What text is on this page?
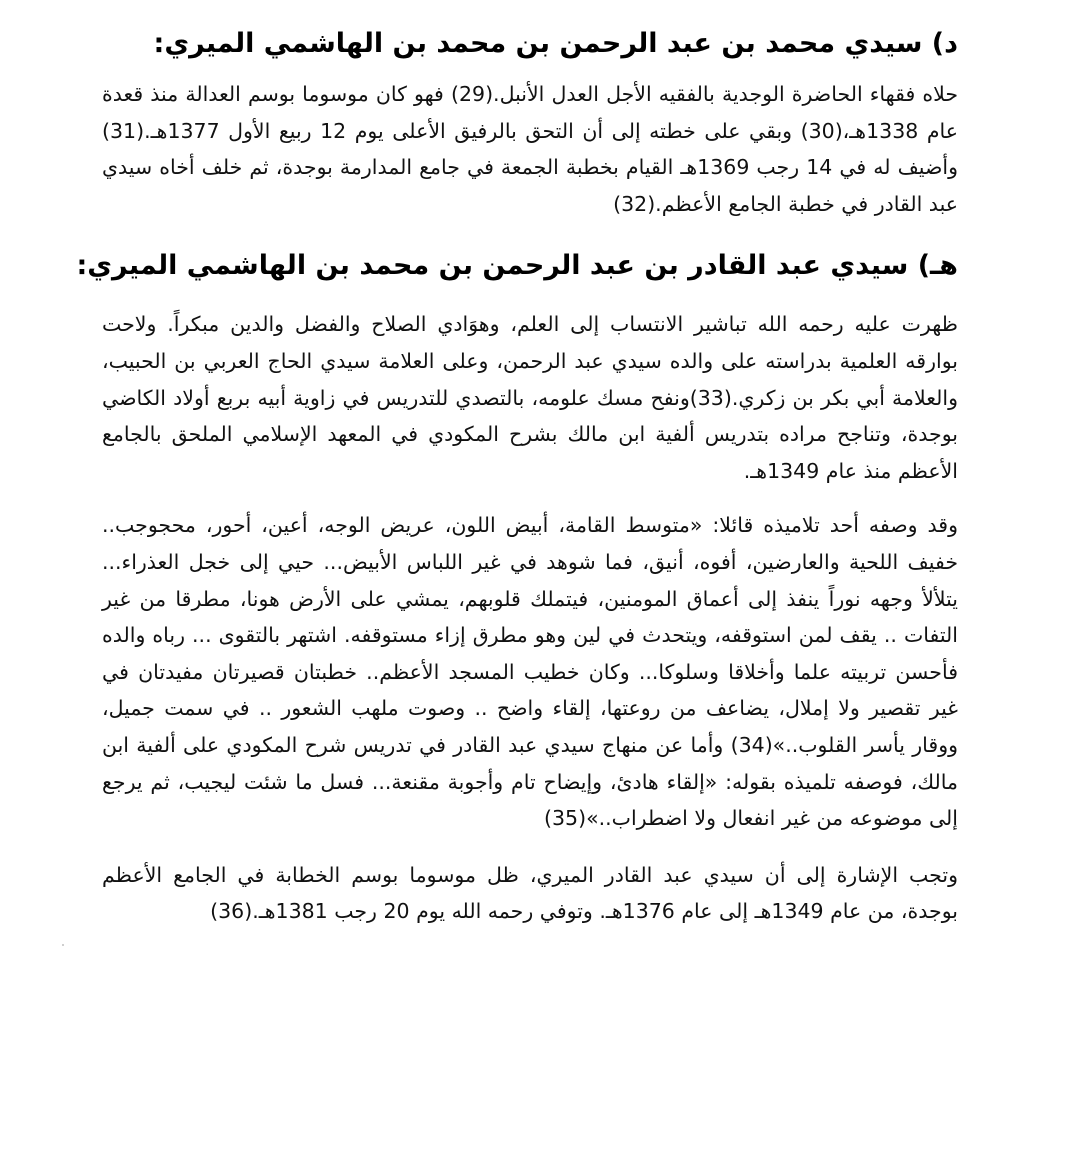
د) سيدي محمد بن عبد الرحمن بن محمد بن الهاشمي الميري:

حلاه فقهاء الحاضرة الوجدية بالفقيه الأجل العدل الأنبل.(29) فهو كان موسوما بوسم العدالة منذ قعدة عام 1338هـ،(30) وبقي على خطته إلى أن التحق بالرفيق الأعلى يوم 12 ربيع الأول 1377هـ.(31) وأضيف له في 14 رجب 1369هـ القيام بخطبة الجمعة في جامع المدارمة بوجدة، ثم خلف أخاه سيدي عبد القادر في خطبة الجامع الأعظم.(32)

هـ) سيدي عبد القادر بن عبد الرحمن بن محمد بن الهاشمي الميري:

ظهرت عليه رحمه الله تباشير الانتساب إلى العلم، وهوَادي الصلاح والفضل والدين مبكراً. ولاحت بوارقه العلمية بدراسته على والده سيدي عبد الرحمن، وعلى العلامة سيدي الحاج العربي بن الحبيب، والعلامة أبي بكر بن زكري.(33)ونفح مسك علومه، بالتصدي للتدريس في زاوية أبيه بربع أولاد الكاضي بوجدة، وتناجح مراده بتدريس ألفية ابن مالك بشرح المكودي في المعهد الإسلامي الملحق بالجامع الأعظم منذ عام 1349هـ.

وقد وصفه أحد تلاميذه قائلا: «متوسط القامة، أبيض اللون، عريض الوجه، أعين، أحور، محجوجب.. خفيف اللحية والعارضين، أفوه، أنيق، فما شوهد في غير اللباس الأبيض... حيي إلى خجل العذراء... يتلألأ وجهه نوراً ينفذ إلى أعماق المومنين، فيتملك قلوبهم، يمشي على الأرض هونا، مطرقا من غير التفات .. يقف لمن استوقفه، ويتحدث في لين وهو مطرق إزاء مستوقفه. اشتهر بالتقوى ... رباه والده فأحسن تربيته علما وأخلاقا وسلوكا... وكان خطيب المسجد الأعظم.. خطبتان قصيرتان مفيدتان في غير تقصير ولا إملال، يضاعف من روعتها، إلقاء واضح .. وصوت ملهب الشعور .. في سمت جميل، ووقار يأسر القلوب..»(34) وأما عن منهاج سيدي عبد القادر في تدريس شرح المكودي على ألفية ابن مالك، فوصفه تلميذه بقوله: «إلقاء هادئ، وإيضاح تام وأجوبة مقنعة... فسل ما شئت ليجيب، ثم يرجع إلى موضوعه من غير انفعال ولا اضطراب..»(35)

وتجب الإشارة إلى أن سيدي عبد القادر الميري، ظل موسوما بوسم الخطابة في الجامع الأعظم بوجدة، من عام 1349هـ إلى عام 1376هـ. وتوفي رحمه الله يوم 20 رجب 1381هـ.(36)
